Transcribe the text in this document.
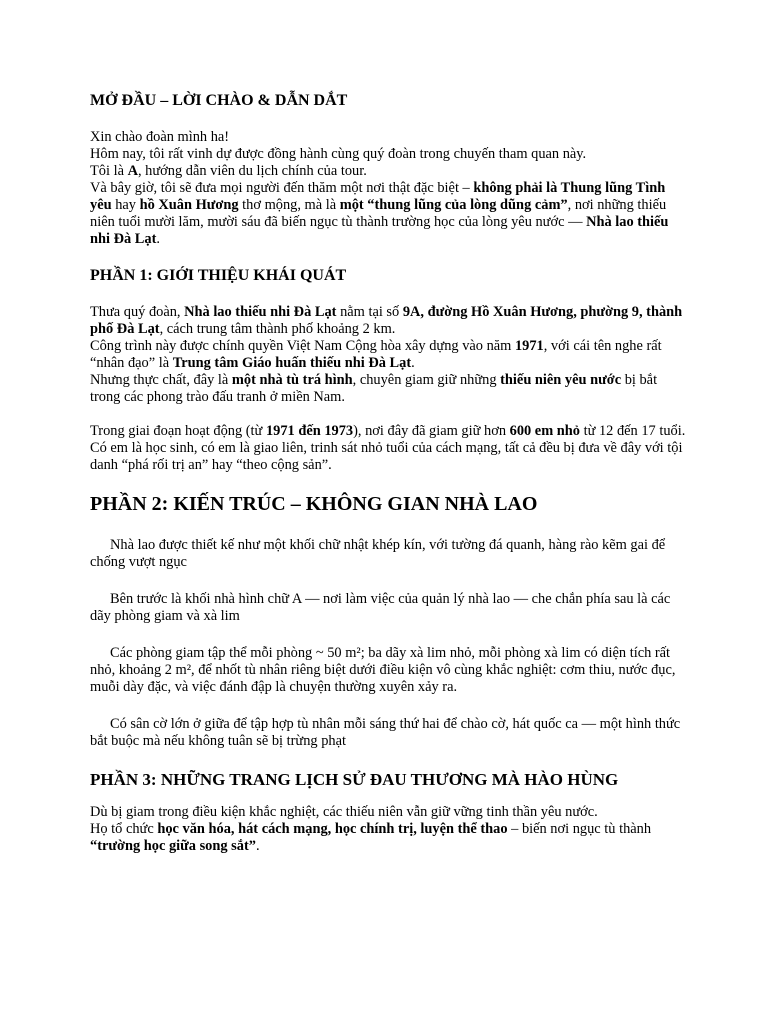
MỞ ĐẦU – LỜI CHÀO & DẪN DẮT
Xin chào đoàn mình ha!
Hôm nay, tôi rất vinh dự được đồng hành cùng quý đoàn trong chuyến tham quan này.
Tôi là A, hướng dẫn viên du lịch chính của tour.
Và bây giờ, tôi sẽ đưa mọi người đến thăm một nơi thật đặc biệt – không phải là Thung lũng Tình yêu hay hồ Xuân Hương thơ mộng, mà là một “thung lũng của lòng dũng cảm”, nơi những thiếu niên tuổi mười lăm, mười sáu đã biến ngục tù thành trường học của lòng yêu nước — Nhà lao thiếu nhi Đà Lạt.
PHẦN 1: GIỚI THIỆU KHÁI QUÁT
Thưa quý đoàn, Nhà lao thiếu nhi Đà Lạt nằm tại số 9A, đường Hồ Xuân Hương, phường 9, thành phố Đà Lạt, cách trung tâm thành phố khoảng 2 km.
Công trình này được chính quyền Việt Nam Cộng hòa xây dựng vào năm 1971, với cái tên nghe rất “nhân đạo” là Trung tâm Giáo huấn thiếu nhi Đà Lạt.
Nhưng thực chất, đây là một nhà tù trá hình, chuyên giam giữ những thiếu niên yêu nước bị bắt trong các phong trào đấu tranh ở miền Nam.
Trong giai đoạn hoạt động (từ 1971 đến 1973), nơi đây đã giam giữ hơn 600 em nhỏ từ 12 đến 17 tuổi.
Có em là học sinh, có em là giao liên, trinh sát nhỏ tuổi của cách mạng, tất cả đều bị đưa về đây với tội danh “phá rối trị an” hay “theo cộng sản”.
PHẦN 2: KIẾN TRÚC – KHÔNG GIAN NHÀ LAO
Nhà lao được thiết kế như một khối chữ nhật khép kín, với tường đá quanh, hàng rào kẽm gai để chống vượt ngục
Bên trước là khối nhà hình chữ A — nơi làm việc của quản lý nhà lao — che chắn phía sau là các dãy phòng giam và xà lim
Các phòng giam tập thể mỗi phòng ~ 50 m²; ba dãy xà lim nhỏ, mỗi phòng xà lim có diện tích rất nhỏ, khoảng 2 m², để nhốt tù nhân riêng biệt dưới điều kiện vô cùng khắc nghiệt: cơm thiu, nước đục, muỗi dày đặc, và việc đánh đập là chuyện thường xuyên xảy ra.
Có sân cờ lớn ở giữa để tập hợp tù nhân mỗi sáng thứ hai để chào cờ, hát quốc ca — một hình thức bắt buộc mà nếu không tuân sẽ bị trừng phạt
PHẦN 3: NHỮNG TRANG LỊCH SỬ ĐAU THƯƠNG MÀ HÀO HÙNG
Dù bị giam trong điều kiện khắc nghiệt, các thiếu niên vẫn giữ vững tinh thần yêu nước.
Họ tổ chức học văn hóa, hát cách mạng, học chính trị, luyện thể thao – biến nơi ngục tù thành “trường học giữa song sắt”.
